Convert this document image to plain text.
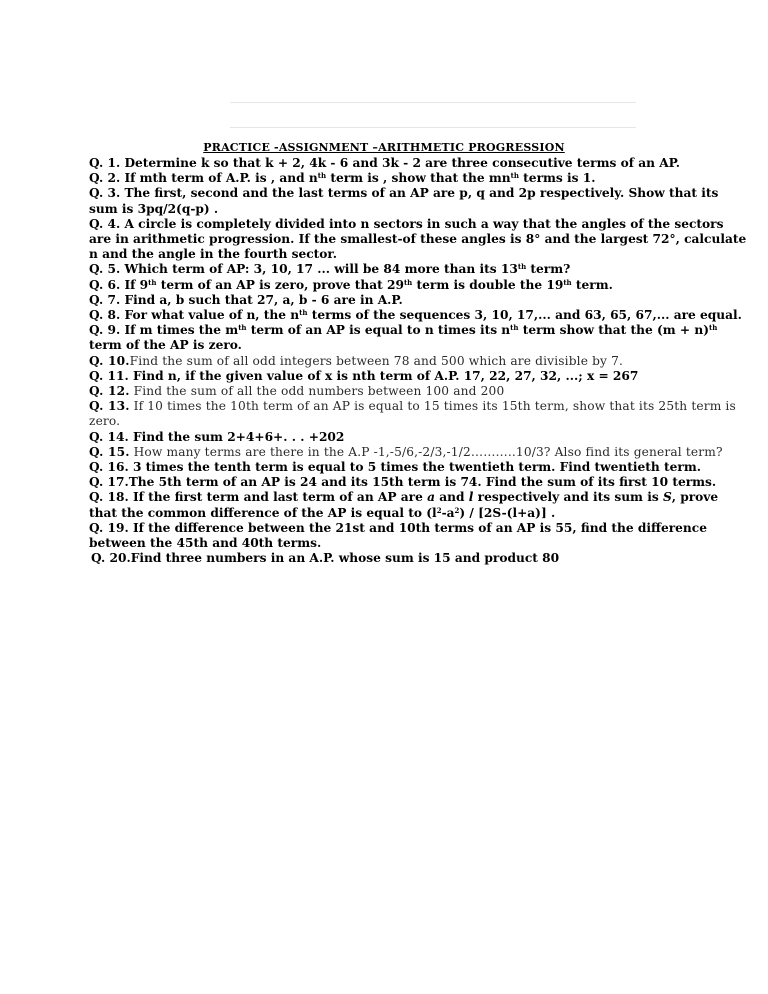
PRACTICE -ASSIGNMENT –ARITHMETIC PROGRESSION

Q. 1. Determine k so that k + 2, 4k - 6 and 3k - 2 are three consecutive terms of an AP.

Q. 2. If mth term of A.P. is , and $n^{th}$ term is , show that the $mn^{th}$ terms is 1.

Q. 3. The first, second and the last terms of an AP are p, q and 2p respectively. Show that its sum is 3pq/2(q-p) .

Q. 4. A circle is completely divided into n sectors in such a way that the angles of the sectors are in arithmetic progression. If the smallest-of these angles is 8° and the largest 72°, calculate n and the angle in the fourth sector.

Q. 5. Which term of AP: 3, 10, 17 ... will be 84 more than its 13th term?

Q. 6. If 9th term of an AP is zero, prove that 29th term is double the 19th term.

Q. 7. Find a, b such that 27, a, b - 6 are in A.P.

Q. 8. For what value of n, the $n^{th}$ terms of the sequences 3, 10, 17,... and 63, 65, 67,... are equal.

Q. 9. If m times the $m^{th}$ term of an AP is equal to n times its $n^{th}$ term show that the $(m + n)^{th}$ term of the AP is zero.

Q. 10.Find the sum of all odd integers between 78 and 500 which are divisible by 7.

Q. 11. Find n, if the given value of x is nth term of A.P. 17, 22, 27, 32, ...; x = 267

Q. 12. Find the sum of all the odd numbers between 100 and 200

Q. 13. If 10 times the 10th term of an AP is equal to 15 times its 15th term, show that its 25th term is zero.

Q. 14. Find the sum 2+4+6+. . . +202

Q. 15. How many terms are there in the A.P -1,-5/6,-2/3,-1/2………..10/3? Also find its general term?

Q. 16. 3 times the tenth term is equal to 5 times the twentieth term. Find twentieth term.

Q. 17.The 5th term of an AP is 24 and its 15th term is 74. Find the sum of its first 10 terms.

Q. 18. If the first term and last term of an AP are a and l respectively and its sum is S, prove that the common difference of the AP is equal to $(l^2-a^2) / [2S-(l+a)]$ .

Q. 19. If the difference between the 21st and 10th terms of an AP is 55, find the difference between the 45th and 40th terms.

Q. 20.Find three numbers in an A.P. whose sum is 15 and product 80
